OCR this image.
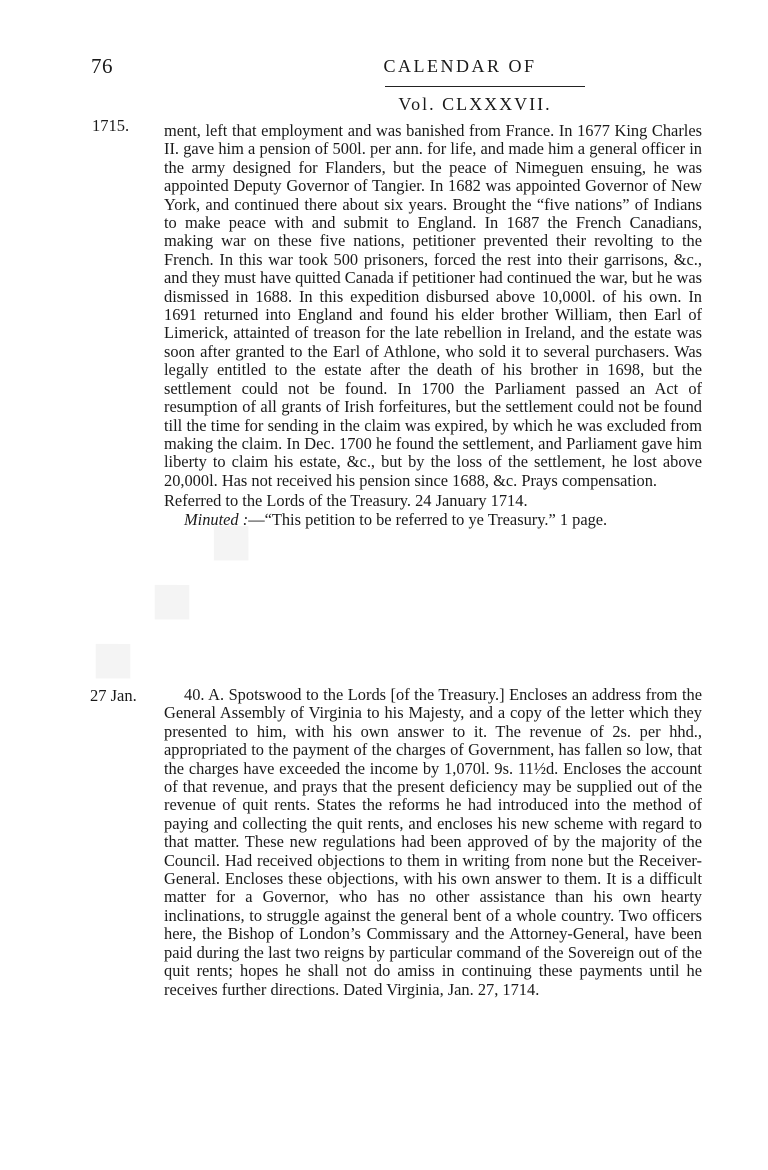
76	CALENDAR OF
Vol. CLXXXVII.
1715. ment, left that employment and was banished from France. In 1677 King Charles II. gave him a pension of 500l. per ann. for life, and made him a general officer in the army designed for Flanders, but the peace of Nimeguen ensuing, he was appointed Deputy Governor of Tangier. In 1682 was appointed Governor of New York, and continued there about six years. Brought the “five nations” of Indians to make peace with and submit to England. In 1687 the French Canadians, making war on these five nations, petitioner prevented their revolting to the French. In this war took 500 prisoners, forced the rest into their garrisons, &c., and they must have quitted Canada if petitioner had continued the war, but he was dismissed in 1688. In this expedition disbursed above 10,000l. of his own. In 1691 returned into England and found his elder brother William, then Earl of Limerick, attainted of treason for the late rebellion in Ireland, and the estate was soon after granted to the Earl of Athlone, who sold it to several purchasers. Was legally entitled to the estate after the death of his brother in 1698, but the settlement could not be found. In 1700 the Parliament passed an Act of resumption of all grants of Irish forfeitures, but the settlement could not be found till the time for sending in the claim was expired, by which he was excluded from making the claim. In Dec. 1700 he found the settlement, and Parliament gave him liberty to claim his estate, &c., but by the loss of the settlement, he lost above 20,000l. Has not received his pension since 1688, &c. Prays compensation.

Referred to the Lords of the Treasury. 24 January 1714.

Minuted :—“This petition to be referred to ye Treasury.” 1 page.

27 Jan.	40. A. Spotswood to the Lords [of the Treasury.] Encloses an address from the General Assembly of Virginia to his Majesty, and a copy of the letter which they presented to him, with his own answer to it. The revenue of 2s. per hhd., appropriated to the payment of the charges of Government, has fallen so low, that the charges have exceeded the income by 1,070l. 9s. 11½d. Encloses the account of that revenue, and prays that the present deficiency may be supplied out of the revenue of quit rents. States the reforms he had introduced into the method of paying and collecting the quit rents, and encloses his new scheme with regard to that matter. These new regulations had been approved of by the majority of the Council. Had received objections to them in writing from none but the Receiver-General. Encloses these objections, with his own answer to them. It is a difficult matter for a Governor, who has no other assistance than his own hearty inclinations, to struggle against the general bent of a whole country. Two officers here, the Bishop of London’s Commissary and the Attorney-General, have been paid during the last two reigns by particular command of the Sovereign out of the quit rents; hopes he shall not do amiss in continuing these payments until he receives further directions. Dated Virginia, Jan. 27, 1714.
